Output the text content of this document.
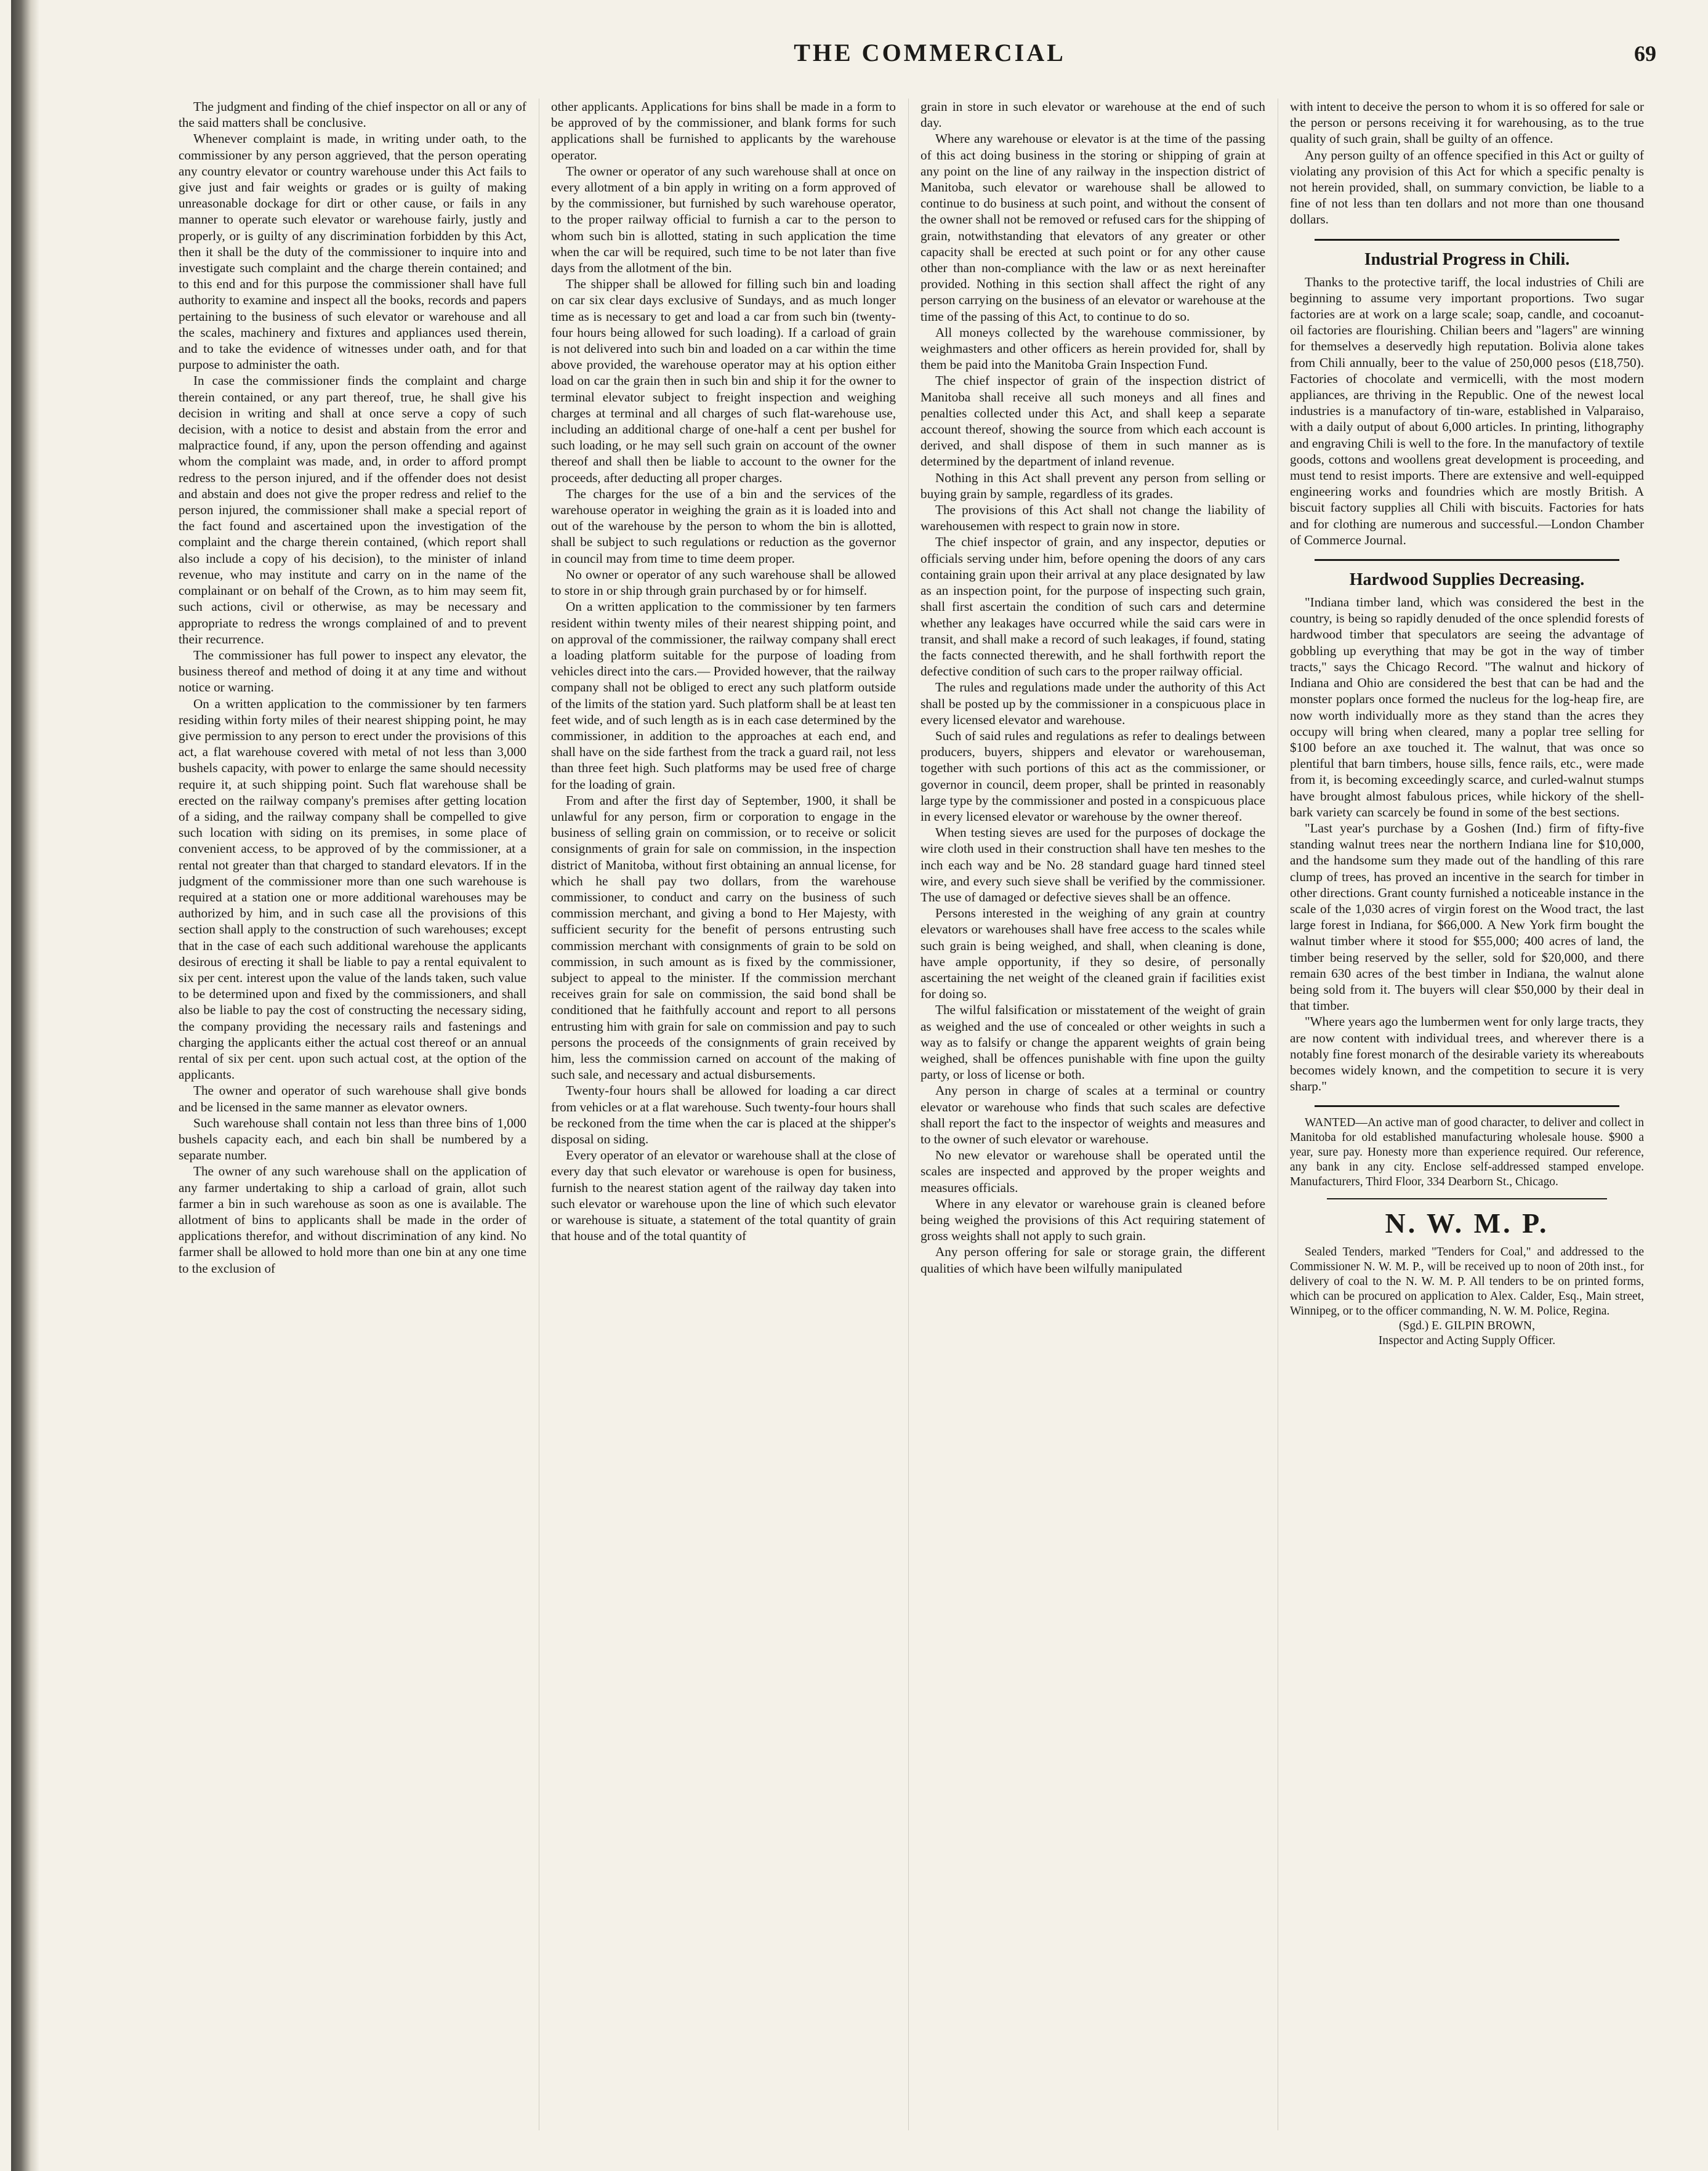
THE COMMERCIAL	69

The judgment and finding of the chief inspector on all or any of the said matters shall be conclusive.

Whenever complaint is made, in writing under oath, to the commissioner by any person aggrieved, that the person operating any country elevator or country warehouse under this Act fails to give just and fair weights or grades or is guilty of making unreasonable dockage for dirt or other cause, or fails in any manner to operate such elevator or warehouse fairly, justly and properly, or is guilty of any discrimination forbidden by this Act, then it shall be the duty of the commissioner to inquire into and investigate such complaint and the charge therein contained; and to this end and for this purpose the commissioner shall have full authority to examine and inspect all the books, records and papers pertaining to the business of such elevator or warehouse and all the scales, machinery and fixtures and appliances used therein, and to take the evidence of witnesses under oath, and for that purpose to administer the oath.

In case the commissioner finds the complaint and charge therein contained, or any part thereof, true, he shall give his decision in writing and shall at once serve a copy of such decision, with a notice to desist and abstain from the error and malpractice found, if any, upon the person offending and against whom the complaint was made, and, in order to afford prompt redress to the person injured, and if the offender does not desist and abstain and does not give the proper redress and relief to the person injured, the commissioner shall make a special report of the fact found and ascertained upon the investigation of the complaint and the charge therein contained, (which report shall also include a copy of his decision), to the minister of inland revenue, who may institute and carry on in the name of the complainant or on behalf of the Crown, as to him may seem fit, such actions, civil or otherwise, as may be necessary and appropriate to redress the wrongs complained of and to prevent their recurrence.

The commissioner has full power to inspect any elevator, the business thereof and method of doing it at any time and without notice or warning.

On a written application to the commissioner by ten farmers residing within forty miles of their nearest shipping point, he may give permission to any person to erect under the provisions of this act, a flat warehouse covered with metal of not less than 3,000 bushels capacity, with power to enlarge the same should necessity require it, at such shipping point. Such flat warehouse shall be erected on the railway company's premises after getting location of a siding, and the railway company shall be compelled to give such location with siding on its premises, in some place of convenient access, to be approved of by the commissioner, at a rental not greater than that charged to standard elevators. If in the judgment of the commissioner more than one such warehouse is required at a station one or more additional warehouses may be authorized by him, and in such case all the provisions of this section shall apply to the construction of such warehouses; except that in the case of each such additional warehouse the applicants desirous of erecting it shall be liable to pay a rental equivalent to six per cent. interest upon the value of the lands taken, such value to be determined upon and fixed by the commissioners, and shall also be liable to pay the cost of constructing the necessary siding, the company providing the necessary rails and fastenings and charging the applicants either the actual cost thereof or an annual rental of six per cent. upon such actual cost, at the option of the applicants.

The owner and operator of such warehouse shall give bonds and be licensed in the same manner as elevator owners.

Such warehouse shall contain not less than three bins of 1,000 bushels capacity each, and each bin shall be numbered by a separate number.

The owner of any such warehouse shall on the application of any farmer undertaking to ship a carload of grain, allot such farmer a bin in such warehouse as soon as one is available. The allotment of bins to applicants shall be made in the order of applications therefor, and without discrimination of any kind. No farmer shall be allowed to hold more than one bin at any one time to the exclusion of

other applicants. Applications for bins shall be made in a form to be approved of by the commissioner, and blank forms for such applications shall be furnished to applicants by the warehouse operator.

The owner or operator of any such warehouse shall at once on every allotment of a bin apply in writing on a form approved of by the commissioner, but furnished by such warehouse operator, to the proper railway official to furnish a car to the person to whom such bin is allotted, stating in such application the time when the car will be required, such time to be not later than five days from the allotment of the bin.

The shipper shall be allowed for filling such bin and loading on car six clear days exclusive of Sundays, and as much longer time as is necessary to get and load a car from such bin (twenty-four hours being allowed for such loading). If a carload of grain is not delivered into such bin and loaded on a car within the time above provided, the warehouse operator may at his option either load on car the grain then in such bin and ship it for the owner to terminal elevator subject to freight inspection and weighing charges at terminal and all charges of such flat-warehouse use, including an additional charge of one-half a cent per bushel for such loading, or he may sell such grain on account of the owner thereof and shall then be liable to account to the owner for the proceeds, after deducting all proper charges.

The charges for the use of a bin and the services of the warehouse operator in weighing the grain as it is loaded into and out of the warehouse by the person to whom the bin is allotted, shall be subject to such regulations or reduction as the governor in council may from time to time deem proper.

No owner or operator of any such warehouse shall be allowed to store in or ship through grain purchased by or for himself.

On a written application to the commissioner by ten farmers resident within twenty miles of their nearest shipping point, and on approval of the commissioner, the railway company shall erect a loading platform suitable for the purpose of loading from vehicles direct into the cars.— Provided however, that the railway company shall not be obliged to erect any such platform outside of the limits of the station yard. Such platform shall be at least ten feet wide, and of such length as is in each case determined by the commissioner, in addition to the approaches at each end, and shall have on the side farthest from the track a guard rail, not less than three feet high. Such platforms may be used free of charge for the loading of grain.

From and after the first day of September, 1900, it shall be unlawful for any person, firm or corporation to engage in the business of selling grain on commission, or to receive or solicit consignments of grain for sale on commission, in the inspection district of Manitoba, without first obtaining an annual license, for which he shall pay two dollars, from the warehouse commissioner, to conduct and carry on the business of such commission merchant, and giving a bond to Her Majesty, with sufficient security for the benefit of persons entrusting such commission merchant with consignments of grain to be sold on commission, in such amount as is fixed by the commissioner, subject to appeal to the minister. If the commission merchant receives grain for sale on commission, the said bond shall be conditioned that he faithfully account and report to all persons entrusting him with grain for sale on commission and pay to such persons the proceeds of the consignments of grain received by him, less the commission carned on account of the making of such sale, and necessary and actual disbursements.

Twenty-four hours shall be allowed for loading a car direct from vehicles or at a flat warehouse. Such twenty-four hours shall be reckoned from the time when the car is placed at the shipper's disposal on siding.

Every operator of an elevator or warehouse shall at the close of every day that such elevator or warehouse is open for business, furnish to the nearest station agent of the railway day taken into such elevator or warehouse upon the line of which such elevator or warehouse is situate, a statement of the total quantity of grain that house and of the total quantity of

grain in store in such elevator or warehouse at the end of such day.

Where any warehouse or elevator is at the time of the passing of this act doing business in the storing or shipping of grain at any point on the line of any railway in the inspection district of Manitoba, such elevator or warehouse shall be allowed to continue to do business at such point, and without the consent of the owner shall not be removed or refused cars for the shipping of grain, notwithstanding that elevators of any greater or other capacity shall be erected at such point or for any other cause other than non-compliance with the law or as next hereinafter provided. Nothing in this section shall affect the right of any person carrying on the business of an elevator or warehouse at the time of the passing of this Act, to continue to do so.

All moneys collected by the warehouse commissioner, by weighmasters and other officers as herein provided for, shall by them be paid into the Manitoba Grain Inspection Fund.

The chief inspector of grain of the inspection district of Manitoba shall receive all such moneys and all fines and penalties collected under this Act, and shall keep a separate account thereof, showing the source from which each account is derived, and shall dispose of them in such manner as is determined by the department of inland revenue.

Nothing in this Act shall prevent any person from selling or buying grain by sample, regardless of its grades.

The provisions of this Act shall not change the liability of warehousemen with respect to grain now in store.

The chief inspector of grain, and any inspector, deputies or officials serving under him, before opening the doors of any cars containing grain upon their arrival at any place designated by law as an inspection point, for the purpose of inspecting such grain, shall first ascertain the condition of such cars and determine whether any leakages have occurred while the said cars were in transit, and shall make a record of such leakages, if found, stating the facts connected therewith, and he shall forthwith report the defective condition of such cars to the proper railway official.

The rules and regulations made under the authority of this Act shall be posted up by the commissioner in a conspicuous place in every licensed elevator and warehouse.

Such of said rules and regulations as refer to dealings between producers, buyers, shippers and elevator or warehouseman, together with such portions of this act as the commissioner, or governor in council, deem proper, shall be printed in reasonably large type by the commissioner and posted in a conspicuous place in every licensed elevator or warehouse by the owner thereof.

When testing sieves are used for the purposes of dockage the wire cloth used in their construction shall have ten meshes to the inch each way and be No. 28 standard guage hard tinned steel wire, and every such sieve shall be verified by the commissioner. The use of damaged or defective sieves shall be an offence.

Persons interested in the weighing of any grain at country elevators or warehouses shall have free access to the scales while such grain is being weighed, and shall, when cleaning is done, have ample opportunity, if they so desire, of personally ascertaining the net weight of the cleaned grain if facilities exist for doing so.

The wilful falsification or misstatement of the weight of grain as weighed and the use of concealed or other weights in such a way as to falsify or change the apparent weights of grain being weighed, shall be offences punishable with fine upon the guilty party, or loss of license or both.

Any person in charge of scales at a terminal or country elevator or warehouse who finds that such scales are defective shall report the fact to the inspector of weights and measures and to the owner of such elevator or warehouse.

No new elevator or warehouse shall be operated until the scales are inspected and approved by the proper weights and measures officials.

Where in any elevator or warehouse grain is cleaned before being weighed the provisions of this Act requiring statement of gross weights shall not apply to such grain.

Any person offering for sale or storage grain, the different qualities of which have been wilfully manipulated

with intent to deceive the person to whom it is so offered for sale or the person or persons receiving it for warehousing, as to the true quality of such grain, shall be guilty of an offence.

Any person guilty of an offence specified in this Act or guilty of violating any provision of this Act for which a specific penalty is not herein provided, shall, on summary conviction, be liable to a fine of not less than ten dollars and not more than one thousand dollars.

Industrial Progress in Chili.

Thanks to the protective tariff, the local industries of Chili are beginning to assume very important proportions. Two sugar factories are at work on a large scale; soap, candle, and cocoanut-oil factories are flourishing. Chilian beers and "lagers" are winning for themselves a deservedly high reputation. Bolivia alone takes from Chili annually, beer to the value of 250,000 pesos (£18,750). Factories of chocolate and vermicelli, with the most modern appliances, are thriving in the Republic. One of the newest local industries is a manufactory of tin-ware, established in Valparaiso, with a daily output of about 6,000 articles. In printing, lithography and engraving Chili is well to the fore. In the manufactory of textile goods, cottons and woollens great development is proceeding, and must tend to resist imports. There are extensive and well-equipped engineering works and foundries which are mostly British. A biscuit factory supplies all Chili with biscuits. Factories for hats and for clothing are numerous and successful.—London Chamber of Commerce Journal.

Hardwood Supplies Decreasing.

"Indiana timber land, which was considered the best in the country, is being so rapidly denuded of the once splendid forests of hardwood timber that speculators are seeing the advantage of gobbling up everything that may be got in the way of timber tracts," says the Chicago Record. "The walnut and hickory of Indiana and Ohio are considered the best that can be had and the monster poplars once formed the nucleus for the log-heap fire, are now worth individually more as they stand than the acres they occupy will bring when cleared, many a poplar tree selling for $100 before an axe touched it. The walnut, that was once so plentiful that barn timbers, house sills, fence rails, etc., were made from it, is becoming exceedingly scarce, and curled-walnut stumps have brought almost fabulous prices, while hickory of the shell-bark variety can scarcely be found in some of the best sections.

"Last year's purchase by a Goshen (Ind.) firm of fifty-five standing walnut trees near the northern Indiana line for $10,000, and the handsome sum they made out of the handling of this rare clump of trees, has proved an incentive in the search for timber in other directions. Grant county furnished a noticeable instance in the scale of the 1,030 acres of virgin forest on the Wood tract, the last large forest in Indiana, for $66,000. A New York firm bought the walnut timber where it stood for $55,000; 400 acres of land, the timber being reserved by the seller, sold for $20,000, and there remain 630 acres of the best timber in Indiana, the walnut alone being sold from it. The buyers will clear $50,000 by their deal in that timber.

"Where years ago the lumbermen went for only large tracts, they are now content with individual trees, and wherever there is a notably fine forest monarch of the desirable variety its whereabouts becomes widely known, and the competition to secure it is very sharp."

WANTED—An active man of good character, to deliver and collect in Manitoba for old established manufacturing wholesale house. $900 a year, sure pay. Honesty more than experience required. Our reference, any bank in any city. Enclose self-addressed stamped envelope. Manufacturers, Third Floor, 334 Dearborn St., Chicago.

N. W. M. P.

Sealed Tenders, marked "Tenders for Coal," and addressed to the Commissioner N. W. M. P., will be received up to noon of 20th inst., for delivery of coal to the N. W. M. P. All tenders to be on printed forms, which can be procured on application to Alex. Calder, Esq., Main street, Winnipeg, or to the officer commanding, N. W. M. Police, Regina.

(Sgd.) E. GILPIN BROWN,

Inspector and Acting Supply Officer.
